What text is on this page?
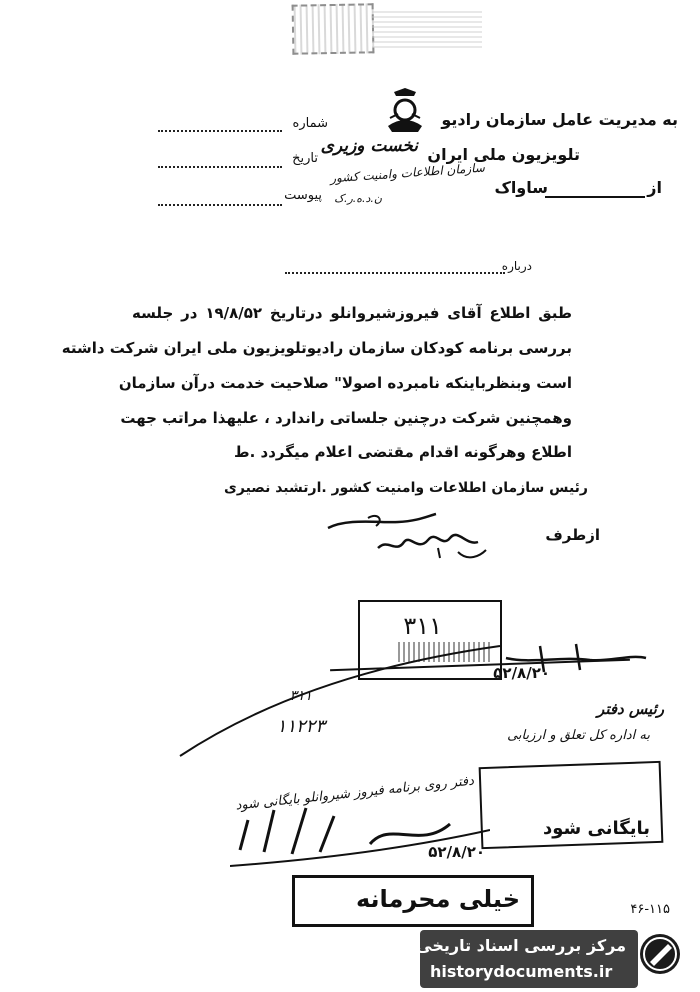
به مدیریت عامل سازمان رادیو
تلویزیون ملی ایران
از
ساواک
نخست وزیری
سازمان اطلاعات وامنیت کشور
ن.د.ه.ر.ک
شماره
تاریخ
پیوست
درباره
طبق اطلاع آقای فیروزشیروانلو درتاریخ ۱۹/۸/۵۲ در جلسه
بررسی برنامه کودکان سازمان رادیوتلویزیون ملی ایران شرکت داشته
است وبنظرباینکه نامبرده اصولا" صلاحیت خدمت درآن سازمان
وهمچنین شرکت درچنین جلساتی راندارد ، علیهذا مراتب جهت
اطلاع وهرگونه اقدام مقتضی اعلام میگردد .ط
رئیس سازمان اطلاعات وامنیت کشور .ارتشبد نصیری
ازطرف
۳۱۱
۵۲/۸/۲۰
۳۱۱
۱۱۲۲۳
رئیس دفتر
به اداره کل تعلق و ارزیابی
بایگانی شود
دفتر روی برنامه فیروز شیروانلو بایگانی شود
۵۲/۸/۲۰
خیلی محرمانه	۴۶-۱۱۵
مرکز بررسی اسناد تاریخی
historydocuments.ir
